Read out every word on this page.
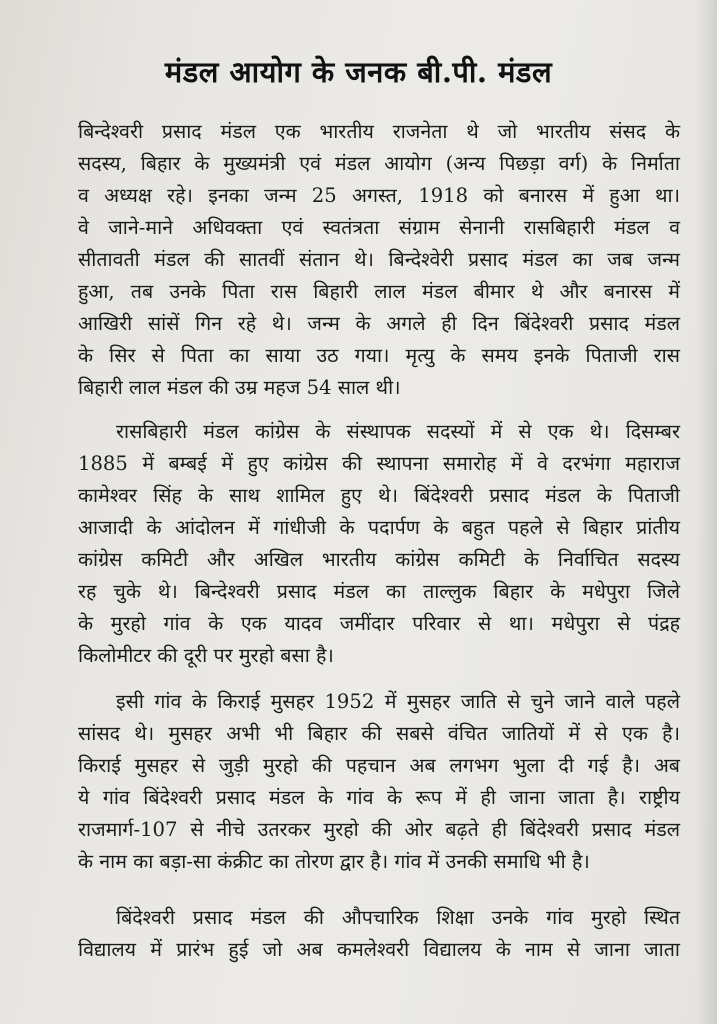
मंडल आयोग के जनक बी.पी. मंडल
बिन्देश्वरी प्रसाद मंडल एक भारतीय राजनेता थे जो भारतीय संसद के
सदस्य, बिहार के मुख्यमंत्री एवं मंडल आयोग (अन्य पिछड़ा वर्ग) के निर्माता
व अध्यक्ष रहे। इनका जन्म 25 अगस्त, 1918 को बनारस में हुआ था।
वे जाने-माने अधिवक्ता एवं स्वतंत्रता संग्राम सेनानी रासबिहारी मंडल व
सीतावती मंडल की सातवीं संतान थे। बिन्देश्वेरी प्रसाद मंडल का जब जन्म
हुआ, तब उनके पिता रास बिहारी लाल मंडल बीमार थे और बनारस में
आखिरी सांसें गिन रहे थे। जन्म के अगले ही दिन बिंदेश्वरी प्रसाद मंडल
के सिर से पिता का साया उठ गया। मृत्यु के समय इनके पिताजी रास
बिहारी लाल मंडल की उम्र महज 54 साल थी।
रासबिहारी मंडल कांग्रेस के संस्थापक सदस्यों में से एक थे। दिसम्बर
1885 में बम्बई में हुए कांग्रेस की स्थापना समारोह में वे दरभंगा महाराज
कामेश्वर सिंह के साथ शामिल हुए थे। बिंदेश्वरी प्रसाद मंडल के पिताजी
आजादी के आंदोलन में गांधीजी के पदार्पण के बहुत पहले से बिहार प्रांतीय
कांग्रेस कमिटी और अखिल भारतीय कांग्रेस कमिटी के निर्वाचित सदस्य
रह चुके थे। बिन्देश्वरी प्रसाद मंडल का ताल्लुक बिहार के मधेपुरा जिले
के मुरहो गांव के एक यादव जमींदार परिवार से था। मधेपुरा से पंद्रह
किलोमीटर की दूरी पर मुरहो बसा है।
इसी गांव के किराई मुसहर 1952 में मुसहर जाति से चुने जाने वाले पहले
सांसद थे। मुसहर अभी भी बिहार की सबसे वंचित जातियों में से एक है।
किराई मुसहर से जुड़ी मुरहो की पहचान अब लगभग भुला दी गई है। अब
ये गांव बिंदेश्वरी प्रसाद मंडल के गांव के रूप में ही जाना जाता है। राष्ट्रीय
राजमार्ग-107 से नीचे उतरकर मुरहो की ओर बढ़ते ही बिंदेश्वरी प्रसाद मंडल
के नाम का बड़ा-सा कंक्रीट का तोरण द्वार है। गांव में उनकी समाधि भी है।
बिंदेश्वरी प्रसाद मंडल की औपचारिक शिक्षा उनके गांव मुरहो स्थित
विद्यालय में प्रारंभ हुई जो अब कमलेश्वरी विद्यालय के नाम से जाना जाता
